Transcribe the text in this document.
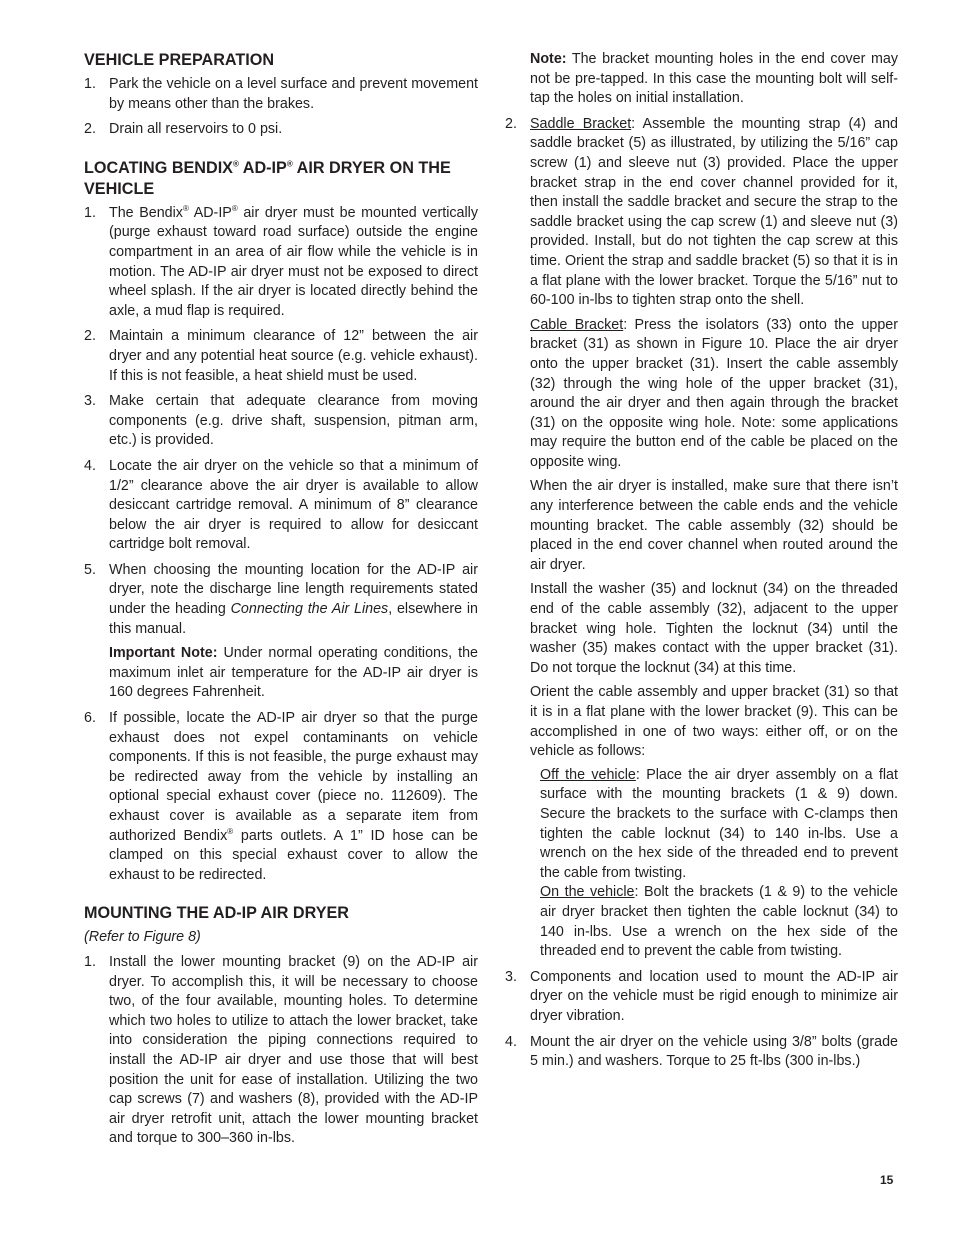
VEHICLE PREPARATION
1. Park the vehicle on a level surface and prevent movement by means other than the brakes.

2. Drain all reservoirs to 0 psi.

LOCATING BENDIX® AD-IP® AIR DRYER ON THE VEHICLE
1. The Bendix® AD-IP® air dryer must be mounted vertically (purge exhaust toward road surface) outside the engine compartment in an area of air flow while the vehicle is in motion. The AD-IP air dryer must not be exposed to direct wheel splash. If the air dryer is located directly behind the axle, a mud flap is required.

2. Maintain a minimum clearance of 12” between the air dryer and any potential heat source (e.g. vehicle exhaust). If this is not feasible, a heat shield must be used.

3. Make certain that adequate clearance from moving components (e.g. drive shaft, suspension, pitman arm, etc.) is provided.

4. Locate the air dryer on the vehicle so that a minimum of 1/2” clearance above the air dryer is available to allow desiccant cartridge removal. A minimum of 8” clearance below the air dryer is required to allow for desiccant cartridge bolt removal.

5. When choosing the mounting location for the AD-IP air dryer, note the discharge line length requirements stated under the heading Connecting the Air Lines, elsewhere in this manual.

Important Note: Under normal operating conditions, the maximum inlet air temperature for the AD-IP air dryer is 160 degrees Fahrenheit.

6. If possible, locate the AD-IP air dryer so that the purge exhaust does not expel contaminants on vehicle components. If this is not feasible, the purge exhaust may be redirected away from the vehicle by installing an optional special exhaust cover (piece no. 112609). The exhaust cover is available as a separate item from authorized Bendix® parts outlets. A 1” ID hose can be clamped on this special exhaust cover to allow the exhaust to be redirected.

MOUNTING THE AD-IP AIR DRYER

(Refer to Figure 8)

1. Install the lower mounting bracket (9) on the AD-IP air dryer. To accomplish this, it will be necessary to choose two, of the four available, mounting holes. To determine which two holes to utilize to attach the lower bracket, take into consideration the piping connections required to install the AD-IP air dryer and use those that will best position the unit for ease of installation. Utilizing the two cap screws (7) and washers (8), provided with the AD-IP air dryer retrofit unit, attach the lower mounting bracket and torque to 300–360 in-lbs.

Note: The bracket mounting holes in the end cover may not be pre-tapped. In this case the mounting bolt will self-tap the holes on initial installation.

2. Saddle Bracket: Assemble the mounting strap (4) and saddle bracket (5) as illustrated, by utilizing the 5/16” cap screw (1) and sleeve nut (3) provided. Place the upper bracket strap in the end cover channel provided for it, then install the saddle bracket and secure the strap to the saddle bracket using the cap screw (1) and sleeve nut (3) provided. Install, but do not tighten the cap screw at this time. Orient the strap and saddle bracket (5) so that it is in a flat plane with the lower bracket. Torque the 5/16” nut to 60-100 in-lbs to tighten strap onto the shell.

Cable Bracket: Press the isolators (33) onto the upper bracket (31) as shown in Figure 10. Place the air dryer onto the upper bracket (31). Insert the cable assembly (32) through the wing hole of the upper bracket (31), around the air dryer and then again through the bracket (31) on the opposite wing hole. Note: some applications may require the button end of the cable be placed on the opposite wing.

When the air dryer is installed, make sure that there isn’t any interference between the cable ends and the vehicle mounting bracket. The cable assembly (32) should be placed in the end cover channel when routed around the air dryer.

Install the washer (35) and locknut (34) on the threaded end of the cable assembly (32), adjacent to the upper bracket wing hole. Tighten the locknut (34) until the washer (35) makes contact with the upper bracket (31). Do not torque the locknut (34) at this time.

Orient the cable assembly and upper bracket (31) so that it is in a flat plane with the lower bracket (9). This can be accomplished in one of two ways: either off, or on the vehicle as follows:

Off the vehicle: Place the air dryer assembly on a flat surface with the mounting brackets (1 & 9) down. Secure the brackets to the surface with C-clamps then tighten the cable locknut (34) to 140 in-lbs. Use a wrench on the hex side of the threaded end to prevent the cable from twisting.
On the vehicle: Bolt the brackets (1 & 9) to the vehicle air dryer bracket then tighten the cable locknut (34) to 140 in-lbs. Use a wrench on the hex side of the threaded end to prevent the cable from twisting.
3. Components and location used to mount the AD-IP air dryer on the vehicle must be rigid enough to minimize air dryer vibration.

4. Mount the air dryer on the vehicle using 3/8” bolts (grade 5 min.) and washers. Torque to 25 ft-lbs (300 in-lbs.)

15
